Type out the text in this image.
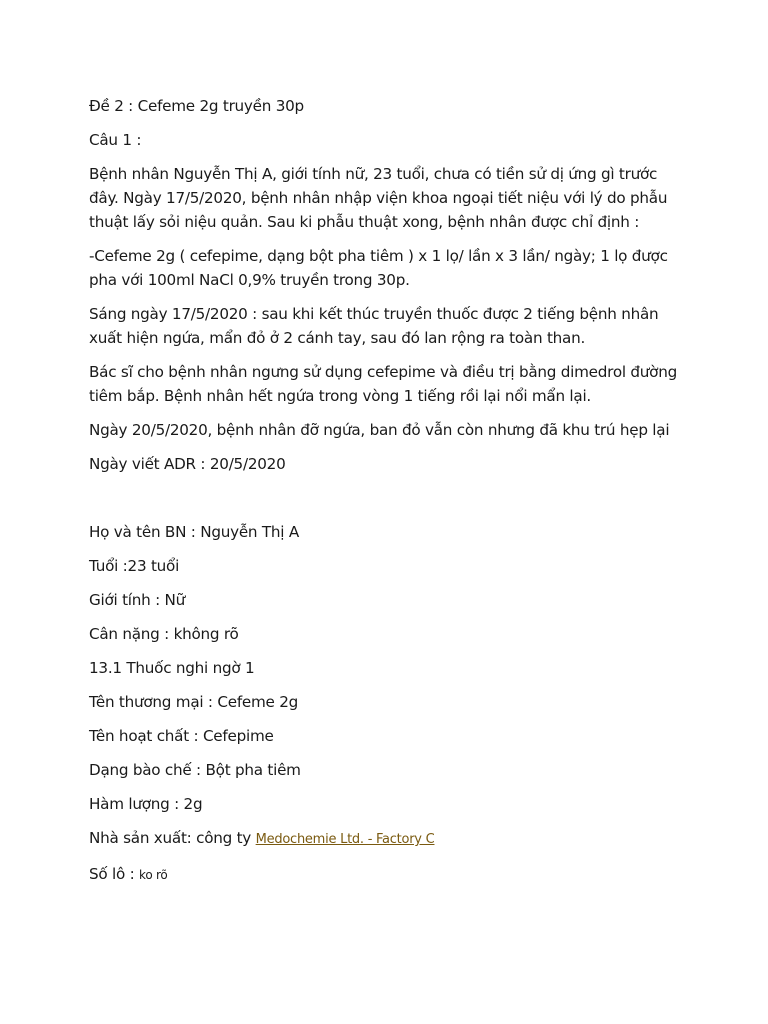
Đề 2 : Cefeme 2g truyền 30p

Câu 1 :

Bệnh nhân Nguyễn Thị A, giới tính nữ, 23 tuổi, chưa có tiền sử dị ứng gì trước đây. Ngày 17/5/2020, bệnh nhân nhập viện khoa ngoại tiết niệu với lý do phẫu thuật lấy sỏi niệu quản. Sau ki phẫu thuật xong, bệnh nhân được chỉ định :

-Cefeme 2g ( cefepime, dạng bột pha tiêm ) x 1 lọ/ lần x 3 lần/ ngày; 1 lọ được pha với 100ml NaCl 0,9% truyền trong 30p.

Sáng ngày 17/5/2020 : sau khi kết thúc truyền thuốc được 2 tiếng bệnh nhân xuất hiện ngứa, mẩn đỏ ở 2 cánh tay, sau đó lan rộng ra toàn than.

Bác sĩ cho bệnh nhân ngưng sử dụng cefepime và điều trị bằng dimedrol đường tiêm bắp. Bệnh nhân hết ngứa trong vòng 1 tiếng rồi lại nổi mẩn lại.

Ngày 20/5/2020, bệnh nhân đỡ ngứa, ban đỏ vẫn còn nhưng đã khu trú hẹp lại

Ngày viết ADR : 20/5/2020

Họ và tên BN : Nguyễn Thị A

Tuổi :23 tuổi

Giới tính : Nữ

Cân nặng : không rõ

13.1 Thuốc nghi ngờ 1

Tên thương mại : Cefeme 2g

Tên hoạt chất : Cefepime

Dạng bào chế : Bột pha tiêm

Hàm lượng : 2g

Nhà sản xuất: công ty Medochemie Ltd. - Factory C

Số lô : ko rõ
